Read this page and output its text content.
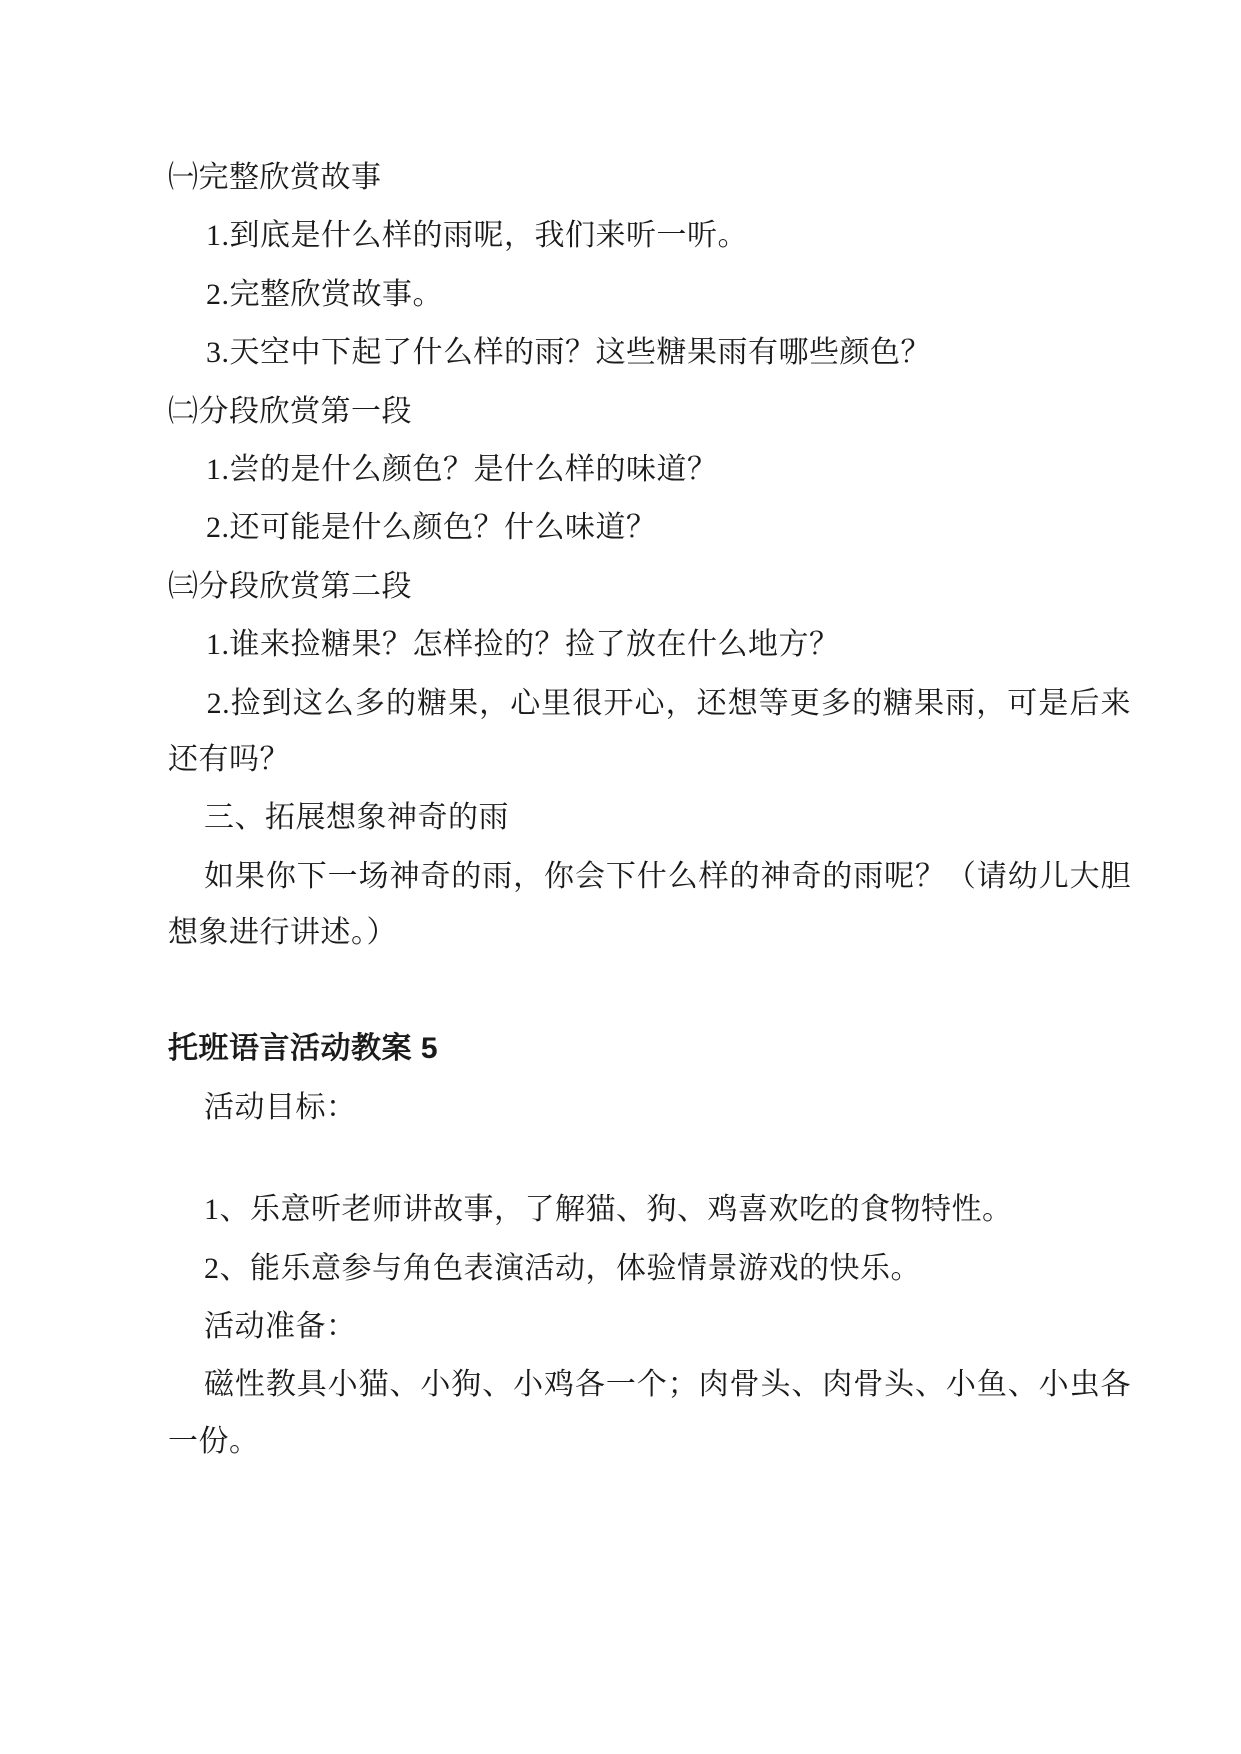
㈠完整欣赏故事

1.到底是什么样的雨呢，我们来听一听。

2.完整欣赏故事。

3.天空中下起了什么样的雨？这些糖果雨有哪些颜色？

㈡分段欣赏第一段

1.尝的是什么颜色？是什么样的味道？

2.还可能是什么颜色？什么味道？

㈢分段欣赏第二段

1.谁来捡糖果？怎样捡的？捡了放在什么地方？

2.捡到这么多的糖果，心里很开心，还想等更多的糖果雨，可是后来还有吗？

三、拓展想象神奇的雨

如果你下一场神奇的雨，你会下什么样的神奇的雨呢？（请幼儿大胆想象进行讲述。）

托班语言活动教案 5

活动目标：

1、乐意听老师讲故事，了解猫、狗、鸡喜欢吃的食物特性。

2、能乐意参与角色表演活动，体验情景游戏的快乐。

活动准备：

磁性教具小猫、小狗、小鸡各一个；肉骨头、肉骨头、小鱼、小虫各一份。
